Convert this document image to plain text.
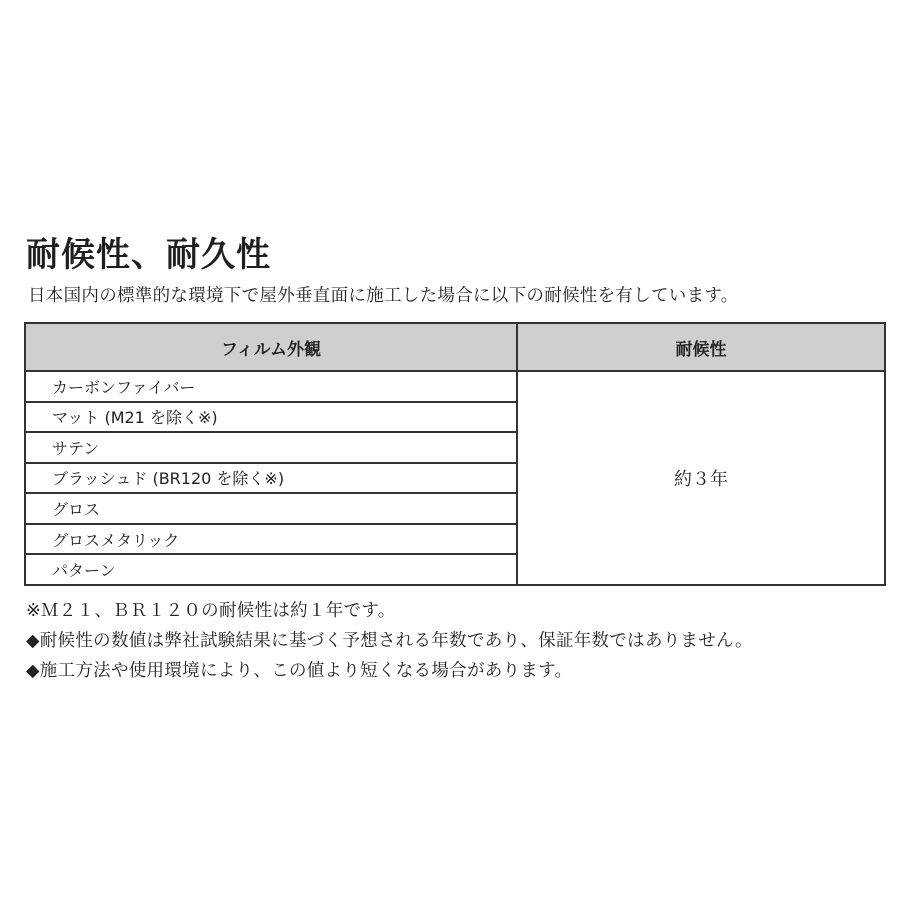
耐候性、耐久性
日本国内の標準的な環境下で屋外垂直面に施工した場合に以下の耐候性を有しています。
フィルム外観	耐候性
カーボンファイバー	約３年
マット (M21 を除く※)	
サテン	
ブラッシュド (BR120 を除く※)	
グロス	
グロスメタリック	
パターン	
※Ｍ２１、ＢＲ１２０の耐候性は約１年です。
◆耐候性の数値は弊社試験結果に基づく予想される年数であり、保証年数ではありません。
◆施工方法や使用環境により、この値より短くなる場合があります。
